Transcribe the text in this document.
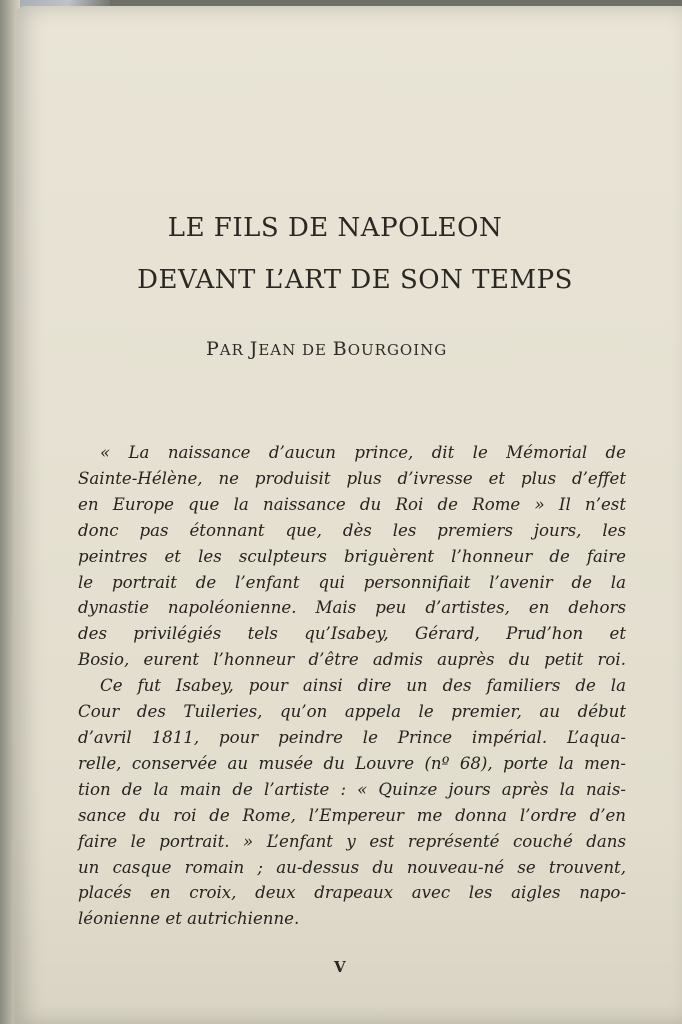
LE FILS DE NAPOLEON
DEVANT L’ART DE SON TEMPS
PAR JEAN DE BOURGOING

« La naissance d’aucun prince, dit le Mémorial de
Sainte-Hélène, ne produisit plus d’ivresse et plus d’effet
en Europe que la naissance du Roi de Rome » Il n’est
donc pas étonnant que, dès les premiers jours, les
peintres et les sculpteurs briguèrent l’honneur de faire
le portrait de l’enfant qui personnifiait l’avenir de la
dynastie napoléonienne. Mais peu d’artistes, en dehors
des privilégiés tels qu’Isabey, Gérard, Prud’hon et
Bosio, eurent l’honneur d’être admis auprès du petit roi.

Ce fut Isabey, pour ainsi dire un des familiers de la
Cour des Tuileries, qu’on appela le premier, au début
d’avril 1811, pour peindre le Prince impérial. L’aqua-
relle, conservée au musée du Louvre (nº 68), porte la men-
tion de la main de l’artiste : « Quinze jours après la nais-
sance du roi de Rome, l’Empereur me donna l’ordre d’en
faire le portrait. » L’enfant y est représenté couché dans
un casque romain ; au-dessus du nouveau-né se trouvent,
placés en croix, deux drapeaux avec les aigles napo-
léonienne et autrichienne.

V
